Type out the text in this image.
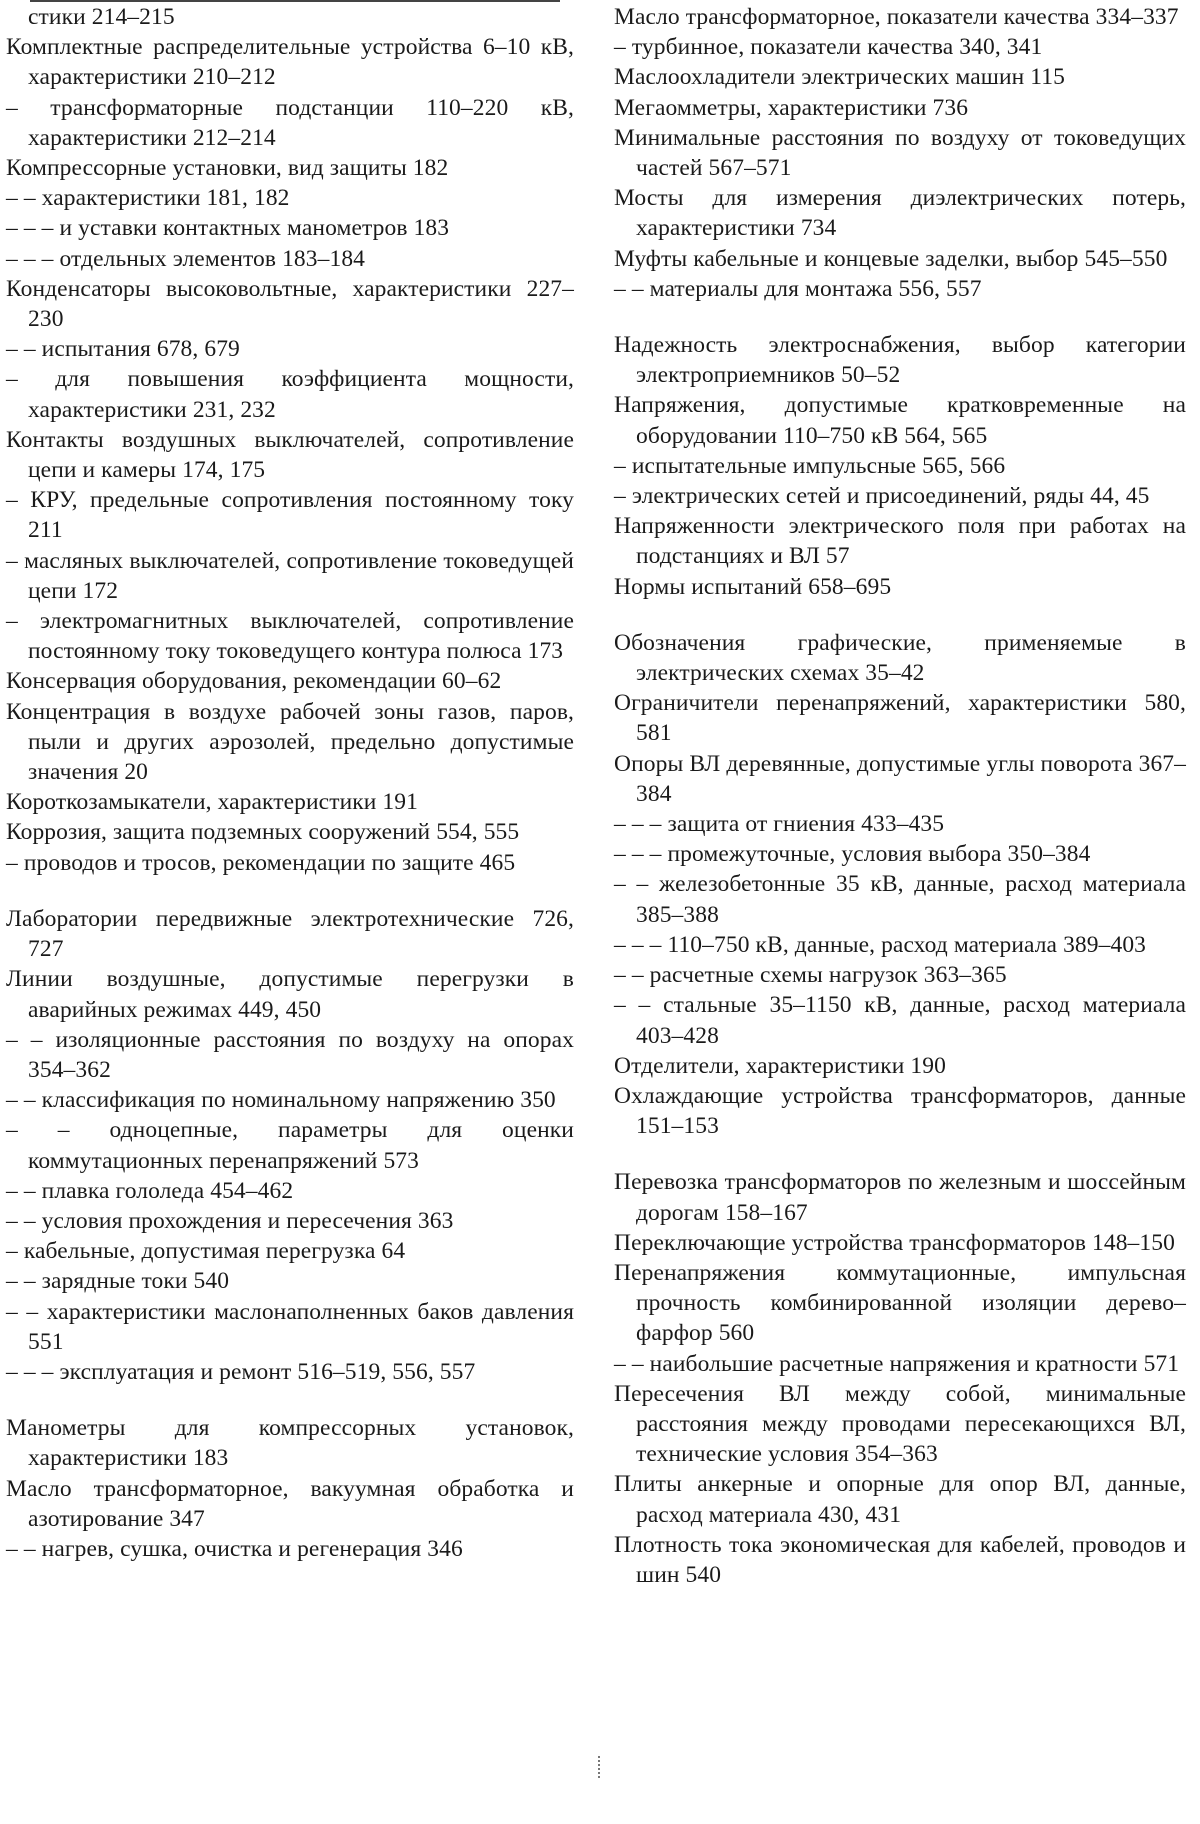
стики 214–215

Комплектные распределительные устройства 6–10 кВ, характеристики 210–212

– трансформаторные подстанции 110–220 кВ, характеристики 212–214

Компрессорные установки, вид защиты 182

– – характеристики 181, 182

– – – и уставки контактных манометров 183

– – – отдельных элементов 183–184

Конденсаторы высоковольтные, характеристики 227–230

– – испытания 678, 679

– для повышения коэффициента мощности, характеристики 231, 232

Контакты воздушных выключателей, сопротивление цепи и камеры 174, 175

– КРУ, предельные сопротивления постоянному току 211

– масляных выключателей, сопротивление токоведущей цепи 172

– электромагнитных выключателей, сопротивление постоянному току токоведущего контура полюса 173

Консервация оборудования, рекомендации 60–62

Концентрация в воздухе рабочей зоны газов, паров, пыли и других аэрозолей, предельно допустимые значения 20

Короткозамыкатели, характеристики 191

Коррозия, защита подземных сооружений 554, 555

– проводов и тросов, рекомендации по защите 465

Лаборатории передвижные электротехнические 726, 727

Линии воздушные, допустимые перегрузки в аварийных режимах 449, 450

– – изоляционные расстояния по воздуху на опорах 354–362

– – классификация по номинальному напряжению 350

– – одноцепные, параметры для оценки коммутационных перенапряжений 573

– – плавка гололеда 454–462

– – условия прохождения и пересечения 363

– кабельные, допустимая перегрузка 64

– – зарядные токи 540

– – характеристики маслонаполненных баков давления 551

– – – эксплуатация и ремонт 516–519, 556, 557

Манометры для компрессорных установок, характеристики 183

Масло трансформаторное, вакуумная обработка и азотирование 347

– – нагрев, сушка, очистка и регенерация 346

Масло трансформаторное, показатели качества 334–337

– турбинное, показатели качества 340, 341

Маслоохладители электрических машин 115

Мегаомметры, характеристики 736

Минимальные расстояния по воздуху от токоведущих частей 567–571

Мосты для измерения диэлектрических потерь, характеристики 734

Муфты кабельные и концевые заделки, выбор 545–550

– – материалы для монтажа 556, 557

Надежность электроснабжения, выбор категории электроприемников 50–52

Напряжения, допустимые кратковременные на оборудовании 110–750 кВ 564, 565

– испытательные импульсные 565, 566

– электрических сетей и присоединений, ряды 44, 45

Напряженности электрического поля при работах на подстанциях и ВЛ 57

Нормы испытаний 658–695

Обозначения графические, применяемые в электрических схемах 35–42

Ограничители перенапряжений, характеристики 580, 581

Опоры ВЛ деревянные, допустимые углы поворота 367–384

– – – защита от гниения 433–435

– – – промежуточные, условия выбора 350–384

– – железобетонные 35 кВ, данные, расход материала 385–388

– – – 110–750 кВ, данные, расход материала 389–403

– – расчетные схемы нагрузок 363–365

– – стальные 35–1150 кВ, данные, расход материала 403–428

Отделители, характеристики 190

Охлаждающие устройства трансформаторов, данные 151–153

Перевозка трансформаторов по железным и шоссейным дорогам 158–167

Переключающие устройства трансформаторов 148–150

Перенапряжения коммутационные, импульсная прочность комбинированной изоляции дерево–фарфор 560

– – наибольшие расчетные напряжения и кратности 571

Пересечения ВЛ между собой, минимальные расстояния между проводами пересекающихся ВЛ, технические условия 354–363

Плиты анкерные и опорные для опор ВЛ, данные, расход материала 430, 431

Плотность тока экономическая для кабелей, проводов и шин 540
